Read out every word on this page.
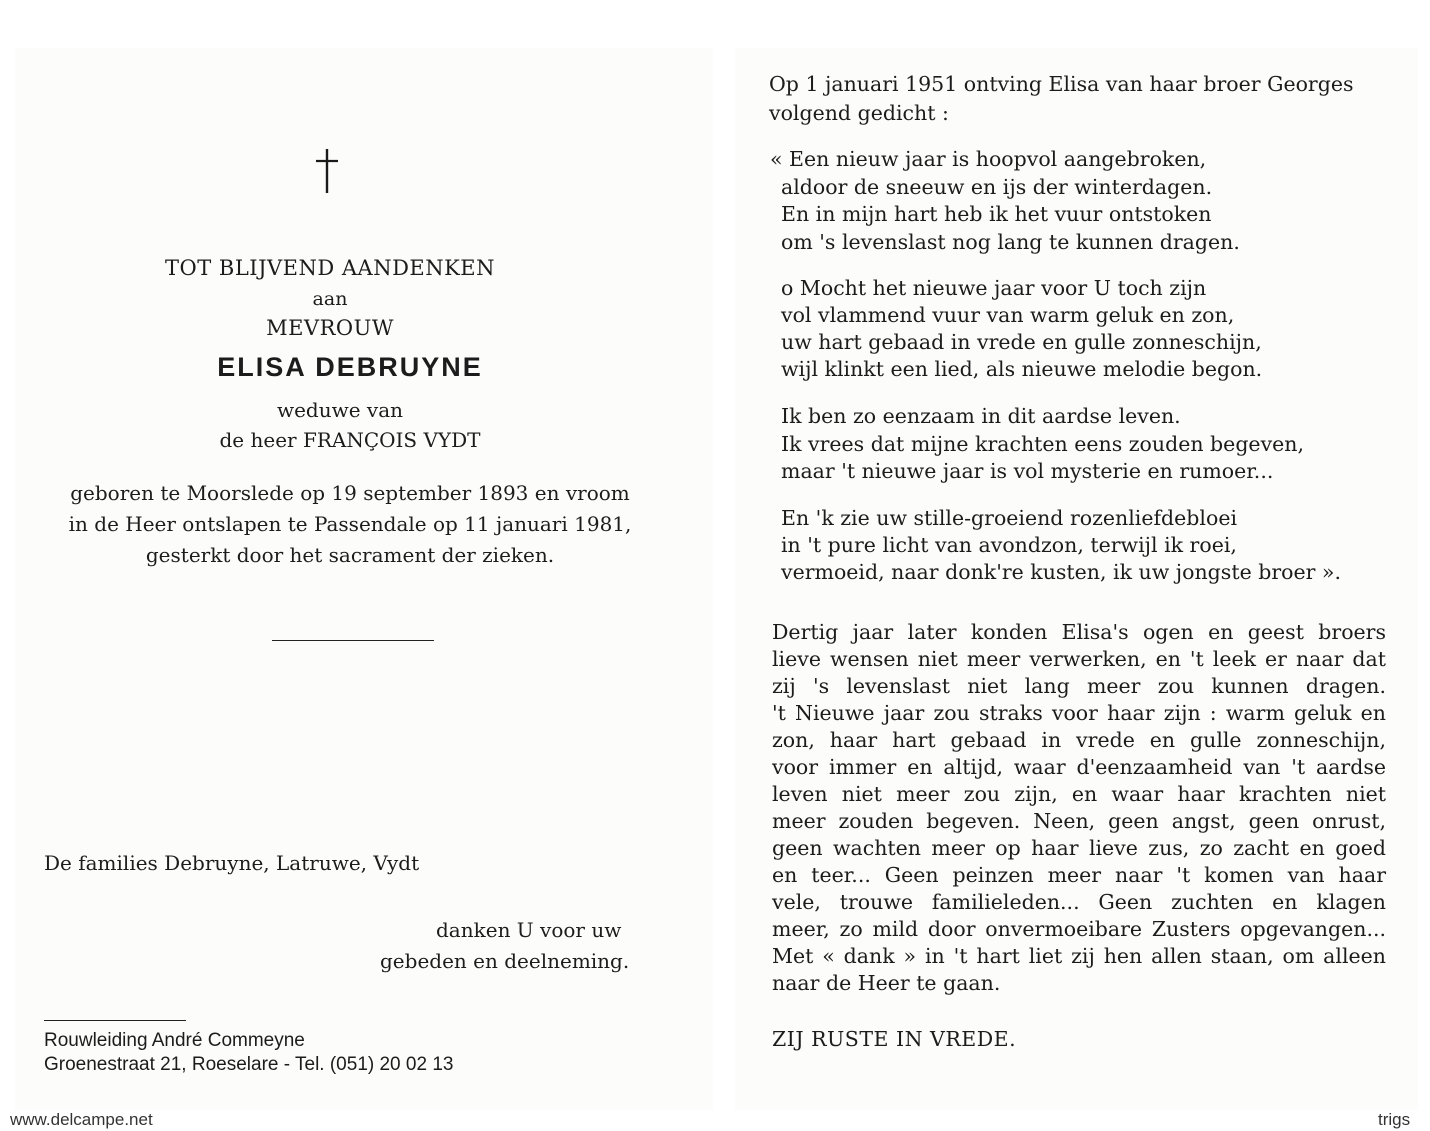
TOT BLIJVEND AANDENKEN
aan
MEVROUW
ELISA DEBRUYNE
weduwe van
de heer FRANÇOIS VYDT
geboren te Moorslede op 19 september 1893 en vroom
in de Heer ontslapen te Passendale op 11 januari 1981,
gesterkt door het sacrament der zieken.
De families Debruyne, Latruwe, Vydt
danken U voor uw
gebeden en deelneming.
Rouwleiding André Commeyne
Groenestraat 21, Roeselare - Tel. (051) 20 02 13
Op 1 januari 1951 ontving Elisa van haar broer Georges
volgend gedicht :
« Een nieuw jaar is hoopvol aangebroken,
aldoor de sneeuw en ijs der winterdagen.
En in mijn hart heb ik het vuur ontstoken
om 's levenslast nog lang te kunnen dragen.
o Mocht het nieuwe jaar voor U toch zijn
vol vlammend vuur van warm geluk en zon,
uw hart gebaad in vrede en gulle zonneschijn,
wijl klinkt een lied, als nieuwe melodie begon.
Ik ben zo eenzaam in dit aardse leven.
Ik vrees dat mijne krachten eens zouden begeven,
maar 't nieuwe jaar is vol mysterie en rumoer...
En 'k zie uw stille-groeiend rozenliefdebloei
in 't pure licht van avondzon, terwijl ik roei,
vermoeid, naar donk're kusten, ik uw jongste broer ».
Dertig jaar later konden Elisa's ogen en geest broers
lieve wensen niet meer verwerken, en 't leek er naar dat
zij 's levenslast niet lang meer zou kunnen dragen.
't Nieuwe jaar zou straks voor haar zijn : warm geluk en
zon, haar hart gebaad in vrede en gulle zonneschijn,
voor immer en altijd, waar d'eenzaamheid van 't aardse
leven niet meer zou zijn, en waar haar krachten niet
meer zouden begeven. Neen, geen angst, geen onrust,
geen wachten meer op haar lieve zus, zo zacht en goed
en teer... Geen peinzen meer naar 't komen van haar
vele, trouwe familieleden... Geen zuchten en klagen
meer, zo mild door onvermoeibare Zusters opgevangen...
Met « dank » in 't hart liet zij hen allen staan, om alleen
naar de Heer te gaan.
ZIJ RUSTE IN VREDE.
www.delcampe.net	trigs
